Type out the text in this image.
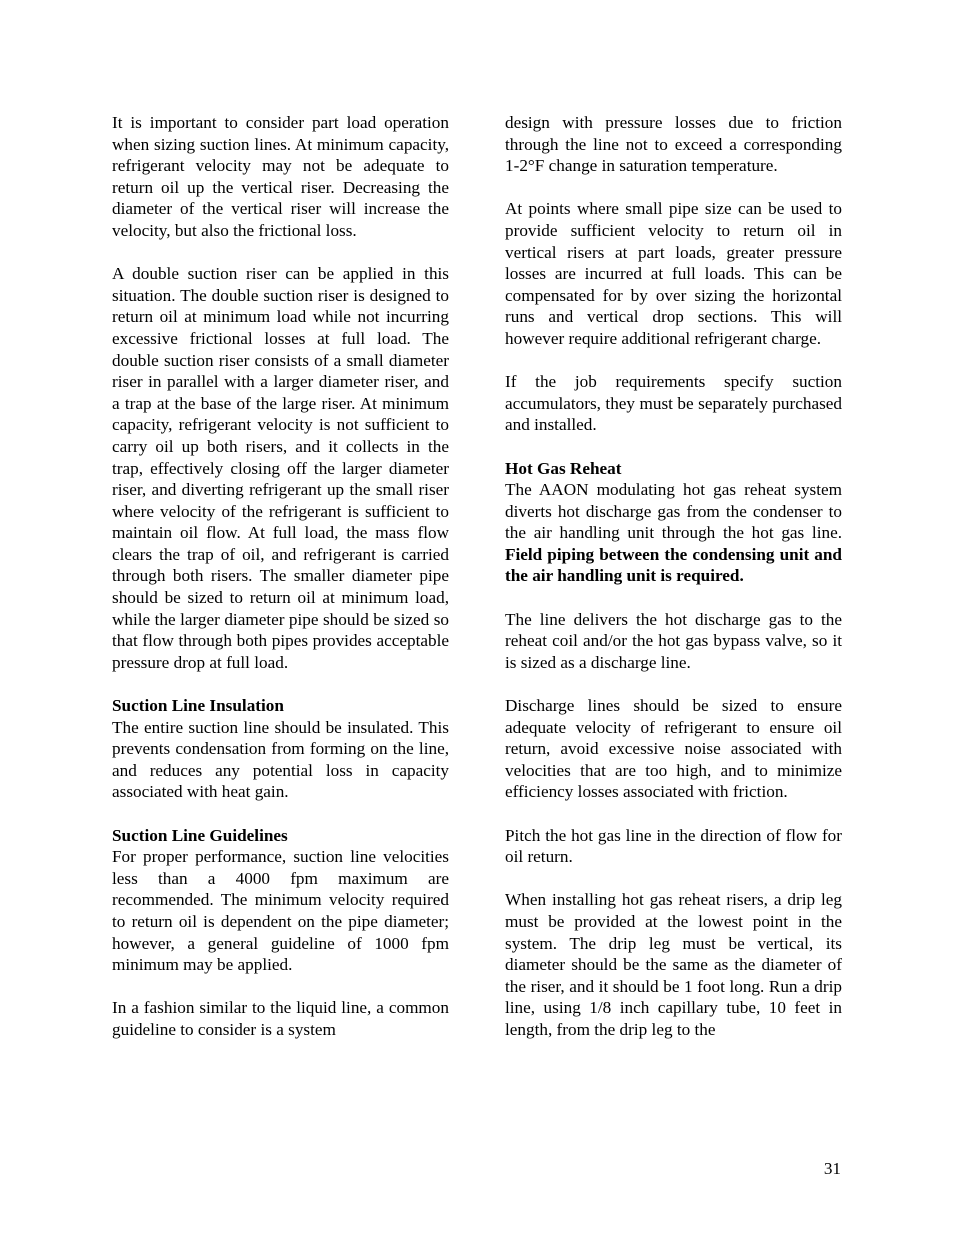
It is important to consider part load operation when sizing suction lines. At minimum capacity, refrigerant velocity may not be adequate to return oil up the vertical riser. Decreasing the diameter of the vertical riser will increase the velocity, but also the frictional loss.

A double suction riser can be applied in this situation. The double suction riser is designed to return oil at minimum load while not incurring excessive frictional losses at full load. The double suction riser consists of a small diameter riser in parallel with a larger diameter riser, and a trap at the base of the large riser. At minimum capacity, refrigerant velocity is not sufficient to carry oil up both risers, and it collects in the trap, effectively closing off the larger diameter riser, and diverting refrigerant up the small riser where velocity of the refrigerant is sufficient to maintain oil flow. At full load, the mass flow clears the trap of oil, and refrigerant is carried through both risers. The smaller diameter pipe should be sized to return oil at minimum load, while the larger diameter pipe should be sized so that flow through both pipes provides acceptable pressure drop at full load.

Suction Line Insulation

The entire suction line should be insulated. This prevents condensation from forming on the line, and reduces any potential loss in capacity associated with heat gain.

Suction Line Guidelines

For proper performance, suction line velocities less than a 4000 fpm maximum are recommended. The minimum velocity required to return oil is dependent on the pipe diameter; however, a general guideline of 1000 fpm minimum may be applied.

In a fashion similar to the liquid line, a common guideline to consider is a system

design with pressure losses due to friction through the line not to exceed a corresponding 1-2°F change in saturation temperature.

At points where small pipe size can be used to provide sufficient velocity to return oil in vertical risers at part loads, greater pressure losses are incurred at full loads. This can be compensated for by over sizing the horizontal runs and vertical drop sections. This will however require additional refrigerant charge.

If the job requirements specify suction accumulators, they must be separately purchased and installed.

Hot Gas Reheat

The AAON modulating hot gas reheat system diverts hot discharge gas from the condenser to the air handling unit through the hot gas line. Field piping between the condensing unit and the air handling unit is required.

The line delivers the hot discharge gas to the reheat coil and/or the hot gas bypass valve, so it is sized as a discharge line.

Discharge lines should be sized to ensure adequate velocity of refrigerant to ensure oil return, avoid excessive noise associated with velocities that are too high, and to minimize efficiency losses associated with friction.

Pitch the hot gas line in the direction of flow for oil return.

When installing hot gas reheat risers, a drip leg must be provided at the lowest point in the system. The drip leg must be vertical, its diameter should be the same as the diameter of the riser, and it should be 1 foot long. Run a drip line, using 1/8 inch capillary tube, 10 feet in length, from the drip leg to the

31
